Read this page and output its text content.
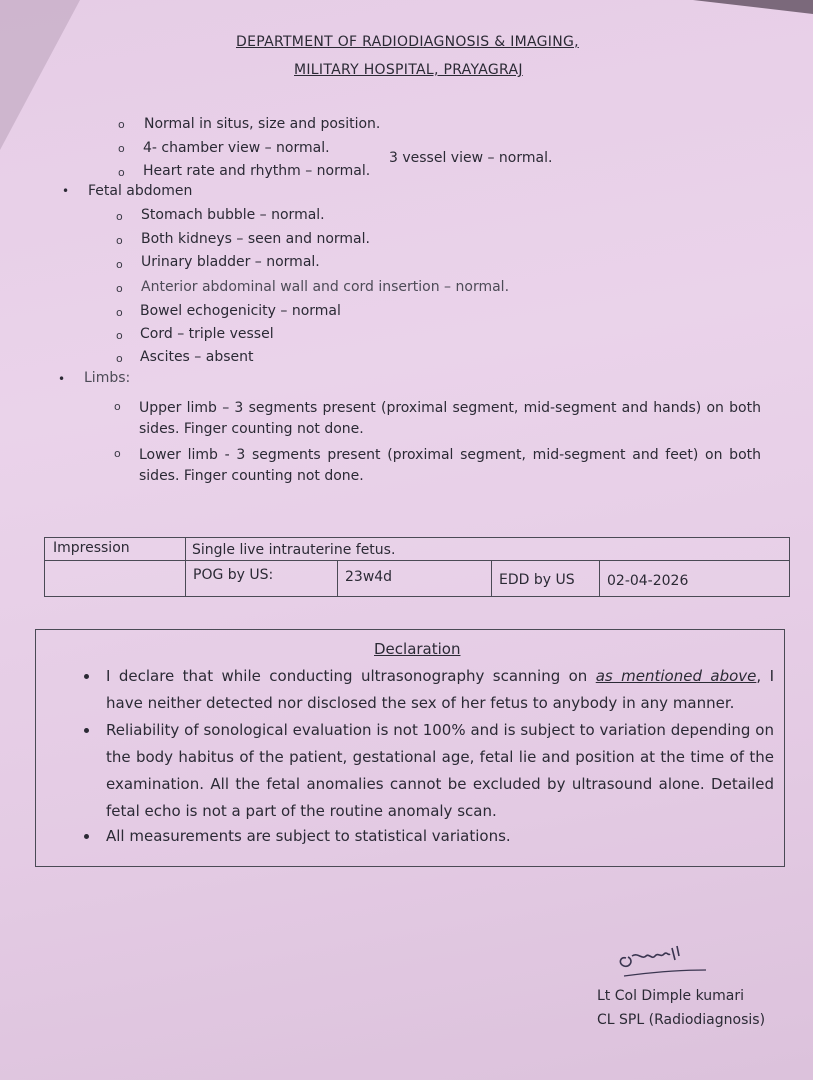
DEPARTMENT OF RADIODIAGNOSIS & IMAGING,
MILITARY HOSPITAL, PRAYAGRAJ
o Normal in situs, size and position.
o 4- chamber view – normal.
3 vessel view – normal.
o Heart rate and rhythm – normal.
• Fetal abdomen
o Stomach bubble – normal.
o Both kidneys – seen and normal.
o Urinary bladder – normal.
o Anterior abdominal wall and cord insertion – normal.
o Bowel echogenicity – normal
o Cord – triple vessel
o Ascites – absent
• Limbs:
o Upper limb – 3 segments present (proximal segment, mid-segment and hands) on both sides. Finger counting not done.
o Lower limb - 3 segments present (proximal segment, mid-segment and feet) on both sides. Finger counting not done.
Impression	Single live intrauterine fetus.
POG by US:	23w4d	EDD by US 02-04-2026
Declaration
I declare that while conducting ultrasonography scanning on as mentioned above, I have neither detected nor disclosed the sex of her fetus to anybody in any manner.
Reliability of sonological evaluation is not 100% and is subject to variation depending on the body habitus of the patient, gestational age, fetal lie and position at the time of the examination. All the fetal anomalies cannot be excluded by ultrasound alone. Detailed fetal echo is not a part of the routine anomaly scan.
All measurements are subject to statistical variations.
Lt Col Dimple kumari
CL SPL (Radiodiagnosis)
